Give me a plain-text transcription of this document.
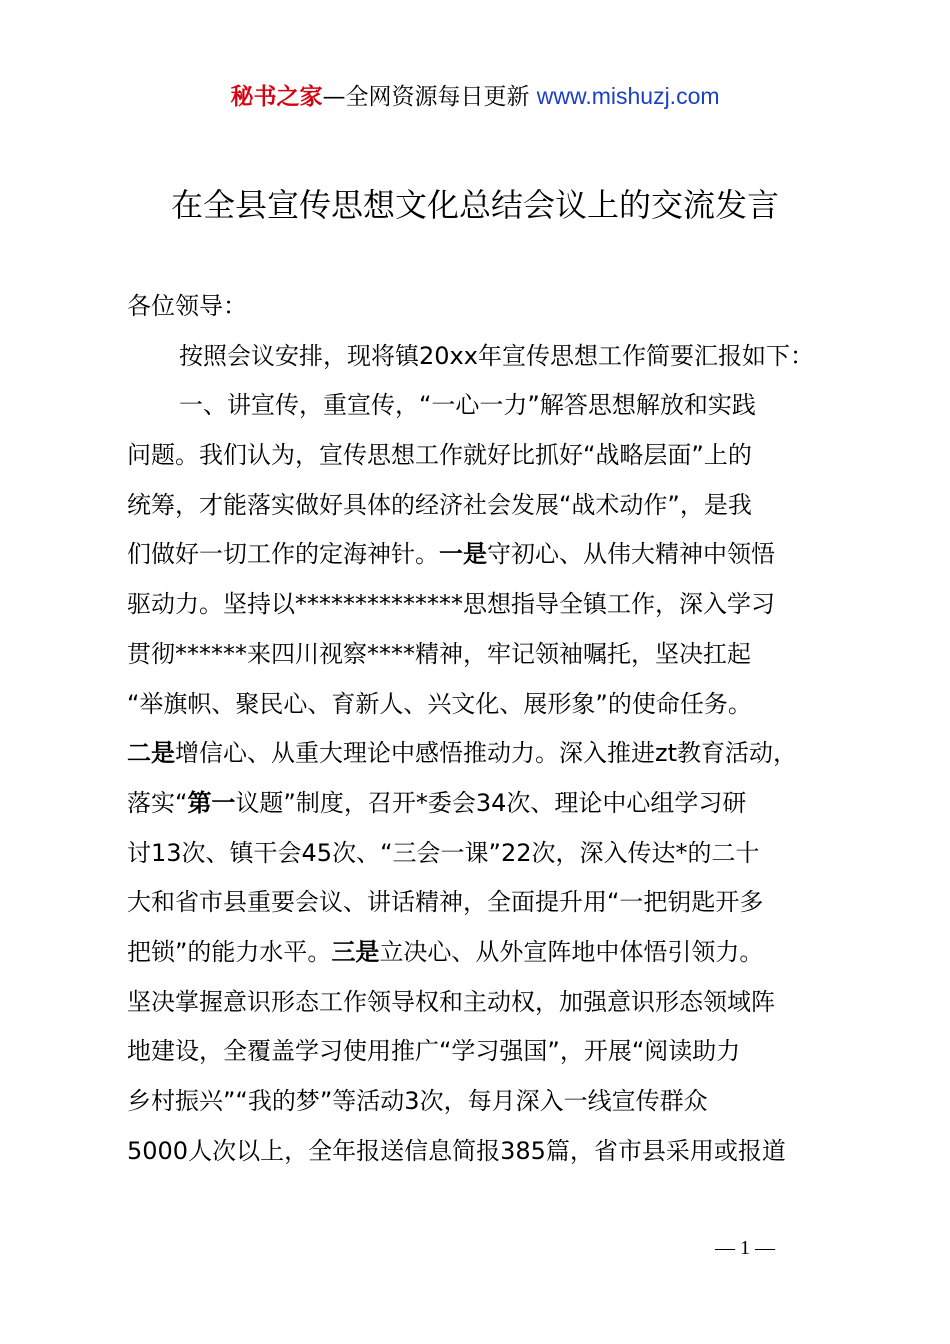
秘书之家—全网资源每日更新 www.mishuzj.com
在全县宣传思想文化总结会议上的交流发言
各位领导：
按照会议安排，现将镇20xx年宣传思想工作简要汇报如下：
一、讲宣传，重宣传，“一心一力”解答思想解放和实践
问题。我们认为，宣传思想工作就好比抓好“战略层面”上的
统筹，才能落实做好具体的经济社会发展“战术动作”，是我
们做好一切工作的定海神针。一是守初心、从伟大精神中领悟
驱动力。坚持以**************思想指导全镇工作，深入学习
贯彻******来四川视察****精神，牢记领袖嘱托，坚决扛起
“举旗帜、聚民心、育新人、兴文化、展形象”的使命任务。
二是增信心、从重大理论中感悟推动力。深入推进zt教育活动，
落实“第一议题”制度，召开*委会34次、理论中心组学习研
讨13次、镇干会45次、“三会一课”22次，深入传达*的二十
大和省市县重要会议、讲话精神，全面提升用“一把钥匙开多
把锁”的能力水平。三是立决心、从外宣阵地中体悟引领力。
坚决掌握意识形态工作领导权和主动权，加强意识形态领域阵
地建设，全覆盖学习使用推广“学习强国”，开展“阅读助力
乡村振兴”“我的梦”等活动3次，每月深入一线宣传群众
5000人次以上，全年报送信息简报385篇，省市县采用或报道
— 1 —
